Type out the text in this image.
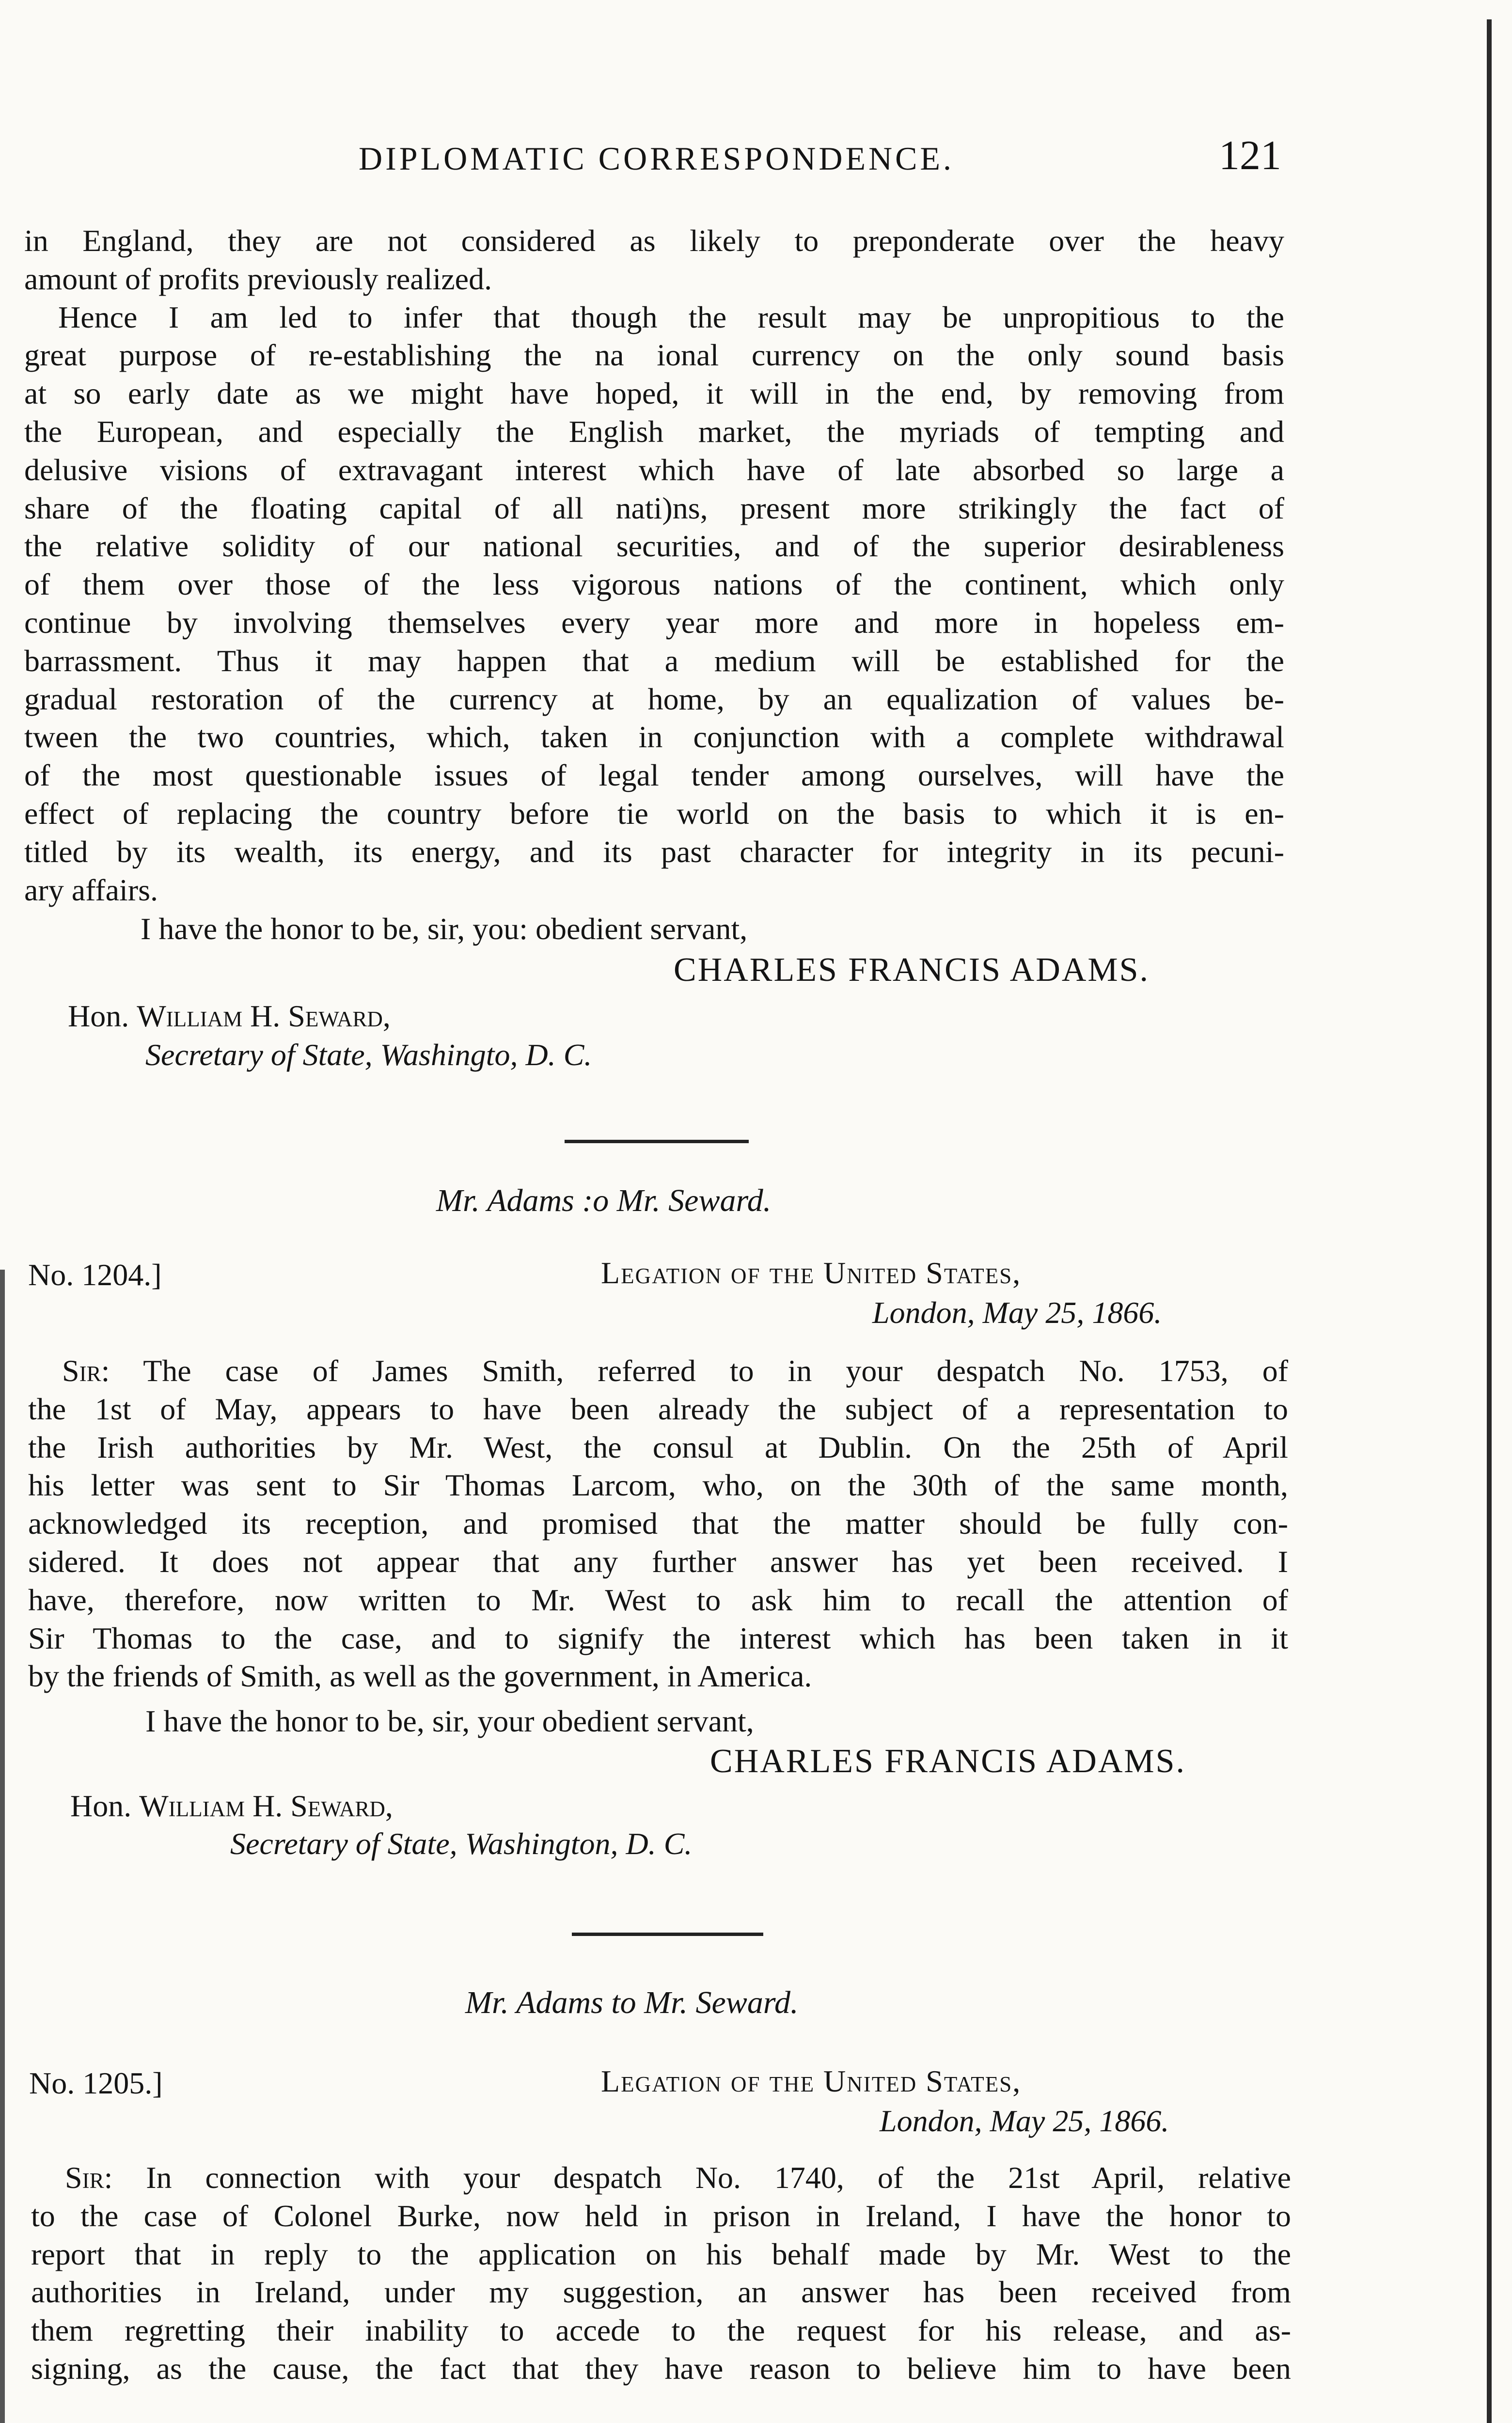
DIPLOMATIC CORRESPONDENCE.	121
in England, they are not considered as likely to preponderate over the heavy
amount of profits previously realized.
Hence I am led to infer that though the result may be unpropitious to the
great purpose of re-establishing the na ional currency on the only sound basis
at so early date as we might have hoped, it will in the end, by removing from
the European, and especially the English market, the myriads of tempting and
delusive visions of extravagant interest which have of late absorbed so large a
share of the floating capital of all nati)ns, present more strikingly the fact of
the relative solidity of our national securities, and of the superior desirableness
of them over those of the less vigorous nations of the continent, which only
continue by involving themselves every year more and more in hopeless em-
barrassment. Thus it may happen that a medium will be established for the
gradual restoration of the currency at home, by an equalization of values be-
tween the two countries, which, taken in conjunction with a complete withdrawal
of the most questionable issues of legal tender among ourselves, will have the
effect of replacing the country before tie world on the basis to which it is en-
titled by its wealth, its energy, and its past character for integrity in its pecuni-
ary affairs.
I have the honor to be, sir, you: obedient servant,
CHARLES FRANCIS ADAMS.
Hon. William H. Seward,
Secretary of State, Washingto, D. C.
Mr. Adams :o Mr. Seward.
No. 1204.]	Legation of the United States,
London, May 25, 1866.
Sir: The case of James Smith, referred to in your despatch No. 1753, of
the 1st of May, appears to have been already the subject of a representation to
the Irish authorities by Mr. West, the consul at Dublin. On the 25th of April
his letter was sent to Sir Thomas Larcom, who, on the 30th of the same month,
acknowledged its reception, and promised that the matter should be fully con-
sidered. It does not appear that any further answer has yet been received. I
have, therefore, now written to Mr. West to ask him to recall the attention of
Sir Thomas to the case, and to signify the interest which has been taken in it
by the friends of Smith, as well as the government, in America.
I have the honor to be, sir, your obedient servant,
CHARLES FRANCIS ADAMS.
Hon. William H. Seward,
Secretary of State, Washington, D. C.
Mr. Adams to Mr. Seward.
No. 1205.]	Legation of the United States,
London, May 25, 1866.
Sir: In connection with your despatch No. 1740, of the 21st April, relative
to the case of Colonel Burke, now held in prison in Ireland, I have the honor to
report that in reply to the application on his behalf made by Mr. West to the
authorities in Ireland, under my suggestion, an answer has been received from
them regretting their inability to accede to the request for his release, and as-
signing, as the cause, the fact that they have reason to believe him to have been
